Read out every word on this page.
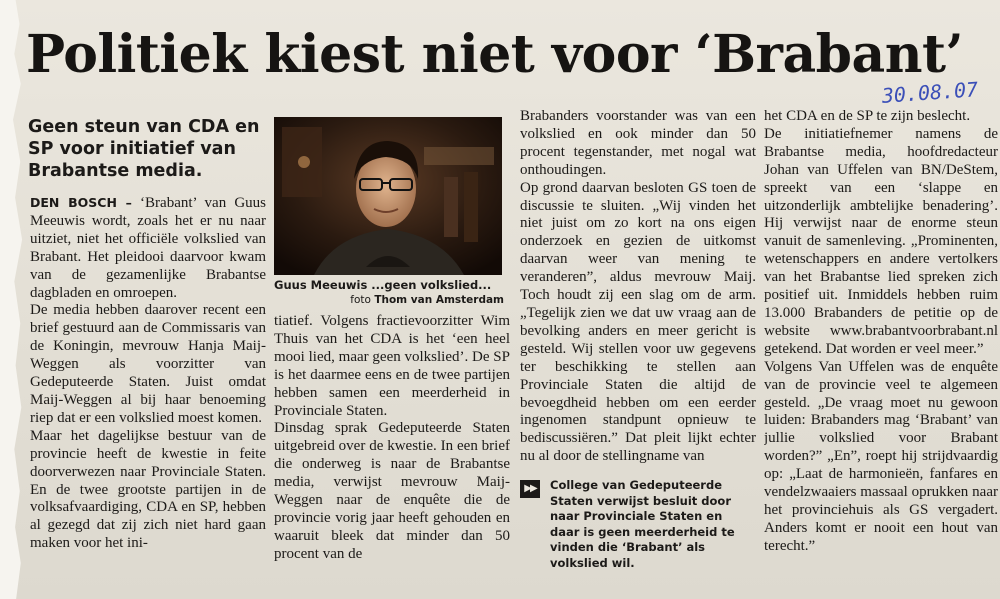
Politiek kiest niet voor ‘Brabant’
30.08.07
Geen steun van CDA en SP voor initiatief van Brabantse media.

DEN BOSCH – ‘Brabant’ van Guus Meeuwis wordt, zoals het er nu naar uitziet, niet het officiële volkslied van Brabant. Het pleidooi daarvoor kwam van de gezamenlijke Brabantse dagbladen en omroepen.

De media hebben daarover recent een brief gestuurd aan de Commissaris van de Koningin, mevrouw Hanja Maij-Weggen als voorzitter van Gedeputeerde Staten. Juist omdat Maij-Weggen al bij haar benoeming riep dat er een volkslied moest komen.

Maar het dagelijkse bestuur van de provincie heeft de kwestie in feite doorverwezen naar Provinciale Staten. En de twee grootste partijen in de volksafvaardiging, CDA en SP, hebben al gezegd dat zij zich niet hard gaan maken voor het ini-

Guus Meeuwis ...geen volkslied...
foto Thom van Amsterdam

tiatief. Volgens fractievoorzitter Wim Thuis van het CDA is het ‘een heel mooi lied, maar geen volkslied’. De SP is het daarmee eens en de twee partijen hebben samen een meerderheid in Provinciale Staten.

Dinsdag sprak Gedeputeerde Staten uitgebreid over de kwestie. In een brief die onderweg is naar de Brabantse media, verwijst mevrouw Maij-Weggen naar de enquête die de provincie vorig jaar heeft gehouden en waaruit bleek dat minder dan 50 procent van de

Brabanders voorstander was van een volkslied en ook minder dan 50 procent tegenstander, met nogal wat onthoudingen.

Op grond daarvan besloten GS toen de discussie te sluiten. „Wij vinden het niet juist om zo kort na ons eigen onderzoek en gezien de uitkomst daarvan weer van mening te veranderen”, aldus mevrouw Maij. Toch houdt zij een slag om de arm. „Tegelijk zien we dat uw vraag aan de bevolking anders en meer gericht is gesteld. Wij stellen voor uw gegevens ter beschikking te stellen aan Provinciale Staten die altijd de bevoegdheid hebben om een eerder ingenomen standpunt opnieuw te bediscussiëren.” Dat pleit lijkt echter nu al door de stellingname van

▶▶	College van Gedeputeerde Staten verwijst besluit door naar Provinciale Staten en daar is geen meerderheid te vinden die ‘Brabant’ als volkslied wil.

het CDA en de SP te zijn beslecht.

De initiatiefnemer namens de Brabantse media, hoofdredacteur Johan van Uffelen van BN/DeStem, spreekt van een ‘slappe en uitzonderlijk ambtelijke benadering’. Hij verwijst naar de enorme steun vanuit de samenleving. „Prominenten, wetenschappers en andere vertolkers van het Brabantse lied spreken zich positief uit. Inmiddels hebben ruim 13.000 Brabanders de petitie op de website www.brabantvoorbrabant.nl getekend. Dat worden er veel meer.”

Volgens Van Uffelen was de enquête van de provincie veel te algemeen gesteld. „De vraag moet nu gewoon luiden: Brabanders mag ‘Brabant’ van jullie volkslied voor Brabant worden?” „En”, roept hij strijdvaardig op: „Laat de harmonieën, fanfares en vendelzwaaiers massaal oprukken naar het provinciehuis als GS vergadert. Anders komt er nooit een hout van terecht.”
